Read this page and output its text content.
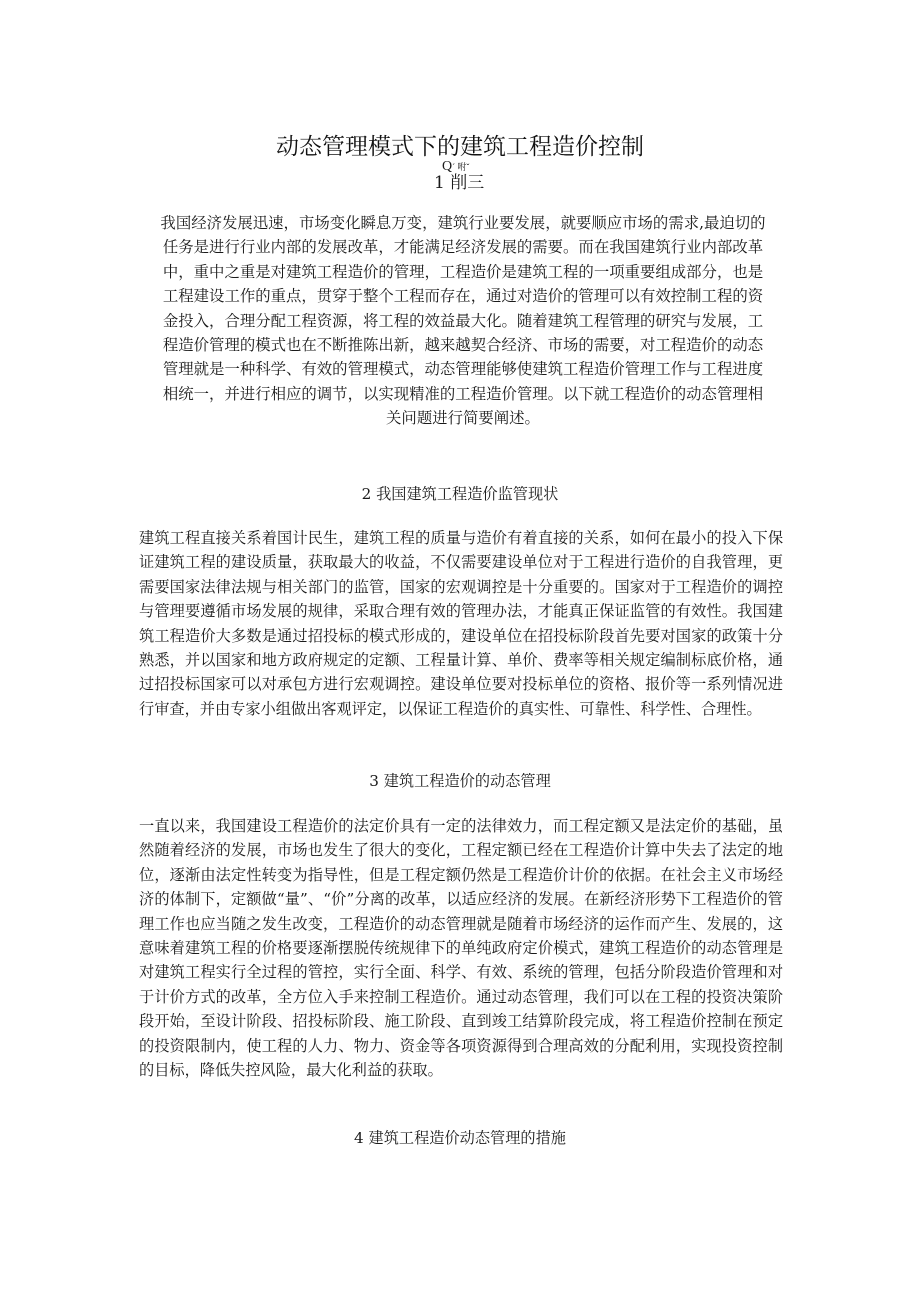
动态管理模式下的建筑工程造价控制
Qˊ 咐ˇ
1 削三

我国经济发展迅速，市场变化瞬息万变，建筑行业要发展，就要顺应市场的需求,最迫切的任务是进行行业内部的发展改革，才能满足经济发展的需要。而在我国建筑行业内部改革中，重中之重是对建筑工程造价的管理，工程造价是建筑工程的一项重要组成部分，也是工程建设工作的重点，贯穿于整个工程而存在，通过对造价的管理可以有效控制工程的资金投入，合理分配工程资源，将工程的效益最大化。随着建筑工程管理的研究与发展，工程造价管理的模式也在不断推陈出新，越来越契合经济、市场的需要，对工程造价的动态管理就是一种科学、有效的管理模式，动态管理能够使建筑工程造价管理工作与工程进度相统一，并进行相应的调节，以实现精准的工程造价管理。以下就工程造价的动态管理相关问题进行简要阐述。

2 我国建筑工程造价监管现状

建筑工程直接关系着国计民生，建筑工程的质量与造价有着直接的关系，如何在最小的投入下保证建筑工程的建设质量，获取最大的收益，不仅需要建设单位对于工程进行造价的自我管理，更需要国家法律法规与相关部门的监管，国家的宏观调控是十分重要的。国家对于工程造价的调控与管理要遵循市场发展的规律，采取合理有效的管理办法，才能真正保证监管的有效性。我国建筑工程造价大多数是通过招投标的模式形成的，建设单位在招投标阶段首先要对国家的政策十分熟悉，并以国家和地方政府规定的定额、工程量计算、单价、费率等相关规定编制标底价格，通过招投标国家可以对承包方进行宏观调控。建设单位要对投标单位的资格、报价等一系列情况进行审查，并由专家小组做出客观评定，以保证工程造价的真实性、可靠性、科学性、合理性。

3 建筑工程造价的动态管理

一直以来，我国建设工程造价的法定价具有一定的法律效力，而工程定额又是法定价的基础，虽然随着经济的发展，市场也发生了很大的变化，工程定额已经在工程造价计算中失去了法定的地位，逐渐由法定性转变为指导性，但是工程定额仍然是工程造价计价的依据。在社会主义市场经济的体制下，定额做“量”、“价”分离的改革，以适应经济的发展。在新经济形势下工程造价的管理工作也应当随之发生改变，工程造价的动态管理就是随着市场经济的运作而产生、发展的，这意味着建筑工程的价格要逐渐摆脱传统规律下的单纯政府定价模式，建筑工程造价的动态管理是对建筑工程实行全过程的管控，实行全面、科学、有效、系统的管理，包括分阶段造价管理和对于计价方式的改革，全方位入手来控制工程造价。通过动态管理，我们可以在工程的投资决策阶段开始，至设计阶段、招投标阶段、施工阶段、直到竣工结算阶段完成，将工程造价控制在预定的投资限制内，使工程的人力、物力、资金等各项资源得到合理高效的分配利用，实现投资控制的目标，降低失控风险，最大化利益的获取。

4 建筑工程造价动态管理的措施
